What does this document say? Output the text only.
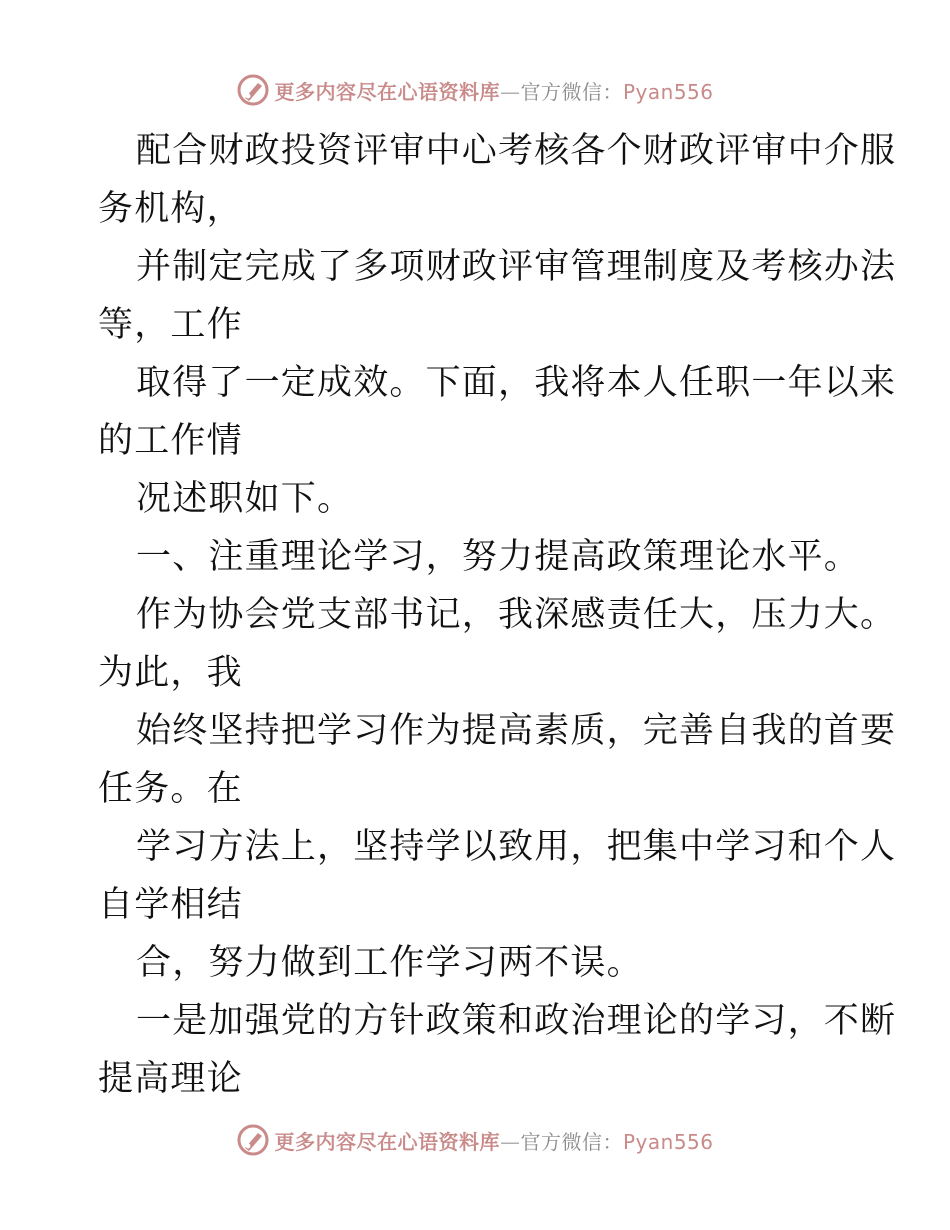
更多内容尽在心语资料库—官方微信：Pyan556

配合财政投资评审中心考核各个财政评审中介服
务机构，

并制定完成了多项财政评审管理制度及考核办法
等，工作

取得了一定成效。下面，我将本人任职一年以来
的工作情

况述职如下。

一、注重理论学习，努力提高政策理论水平。

作为协会党支部书记，我深感责任大，压力大。
为此，我

始终坚持把学习作为提高素质，完善自我的首要
任务。在

学习方法上，坚持学以致用，把集中学习和个人
自学相结

合，努力做到工作学习两不误。

一是加强党的方针政策和政治理论的学习，不断
提高理论

更多内容尽在心语资料库—官方微信：Pyan556
